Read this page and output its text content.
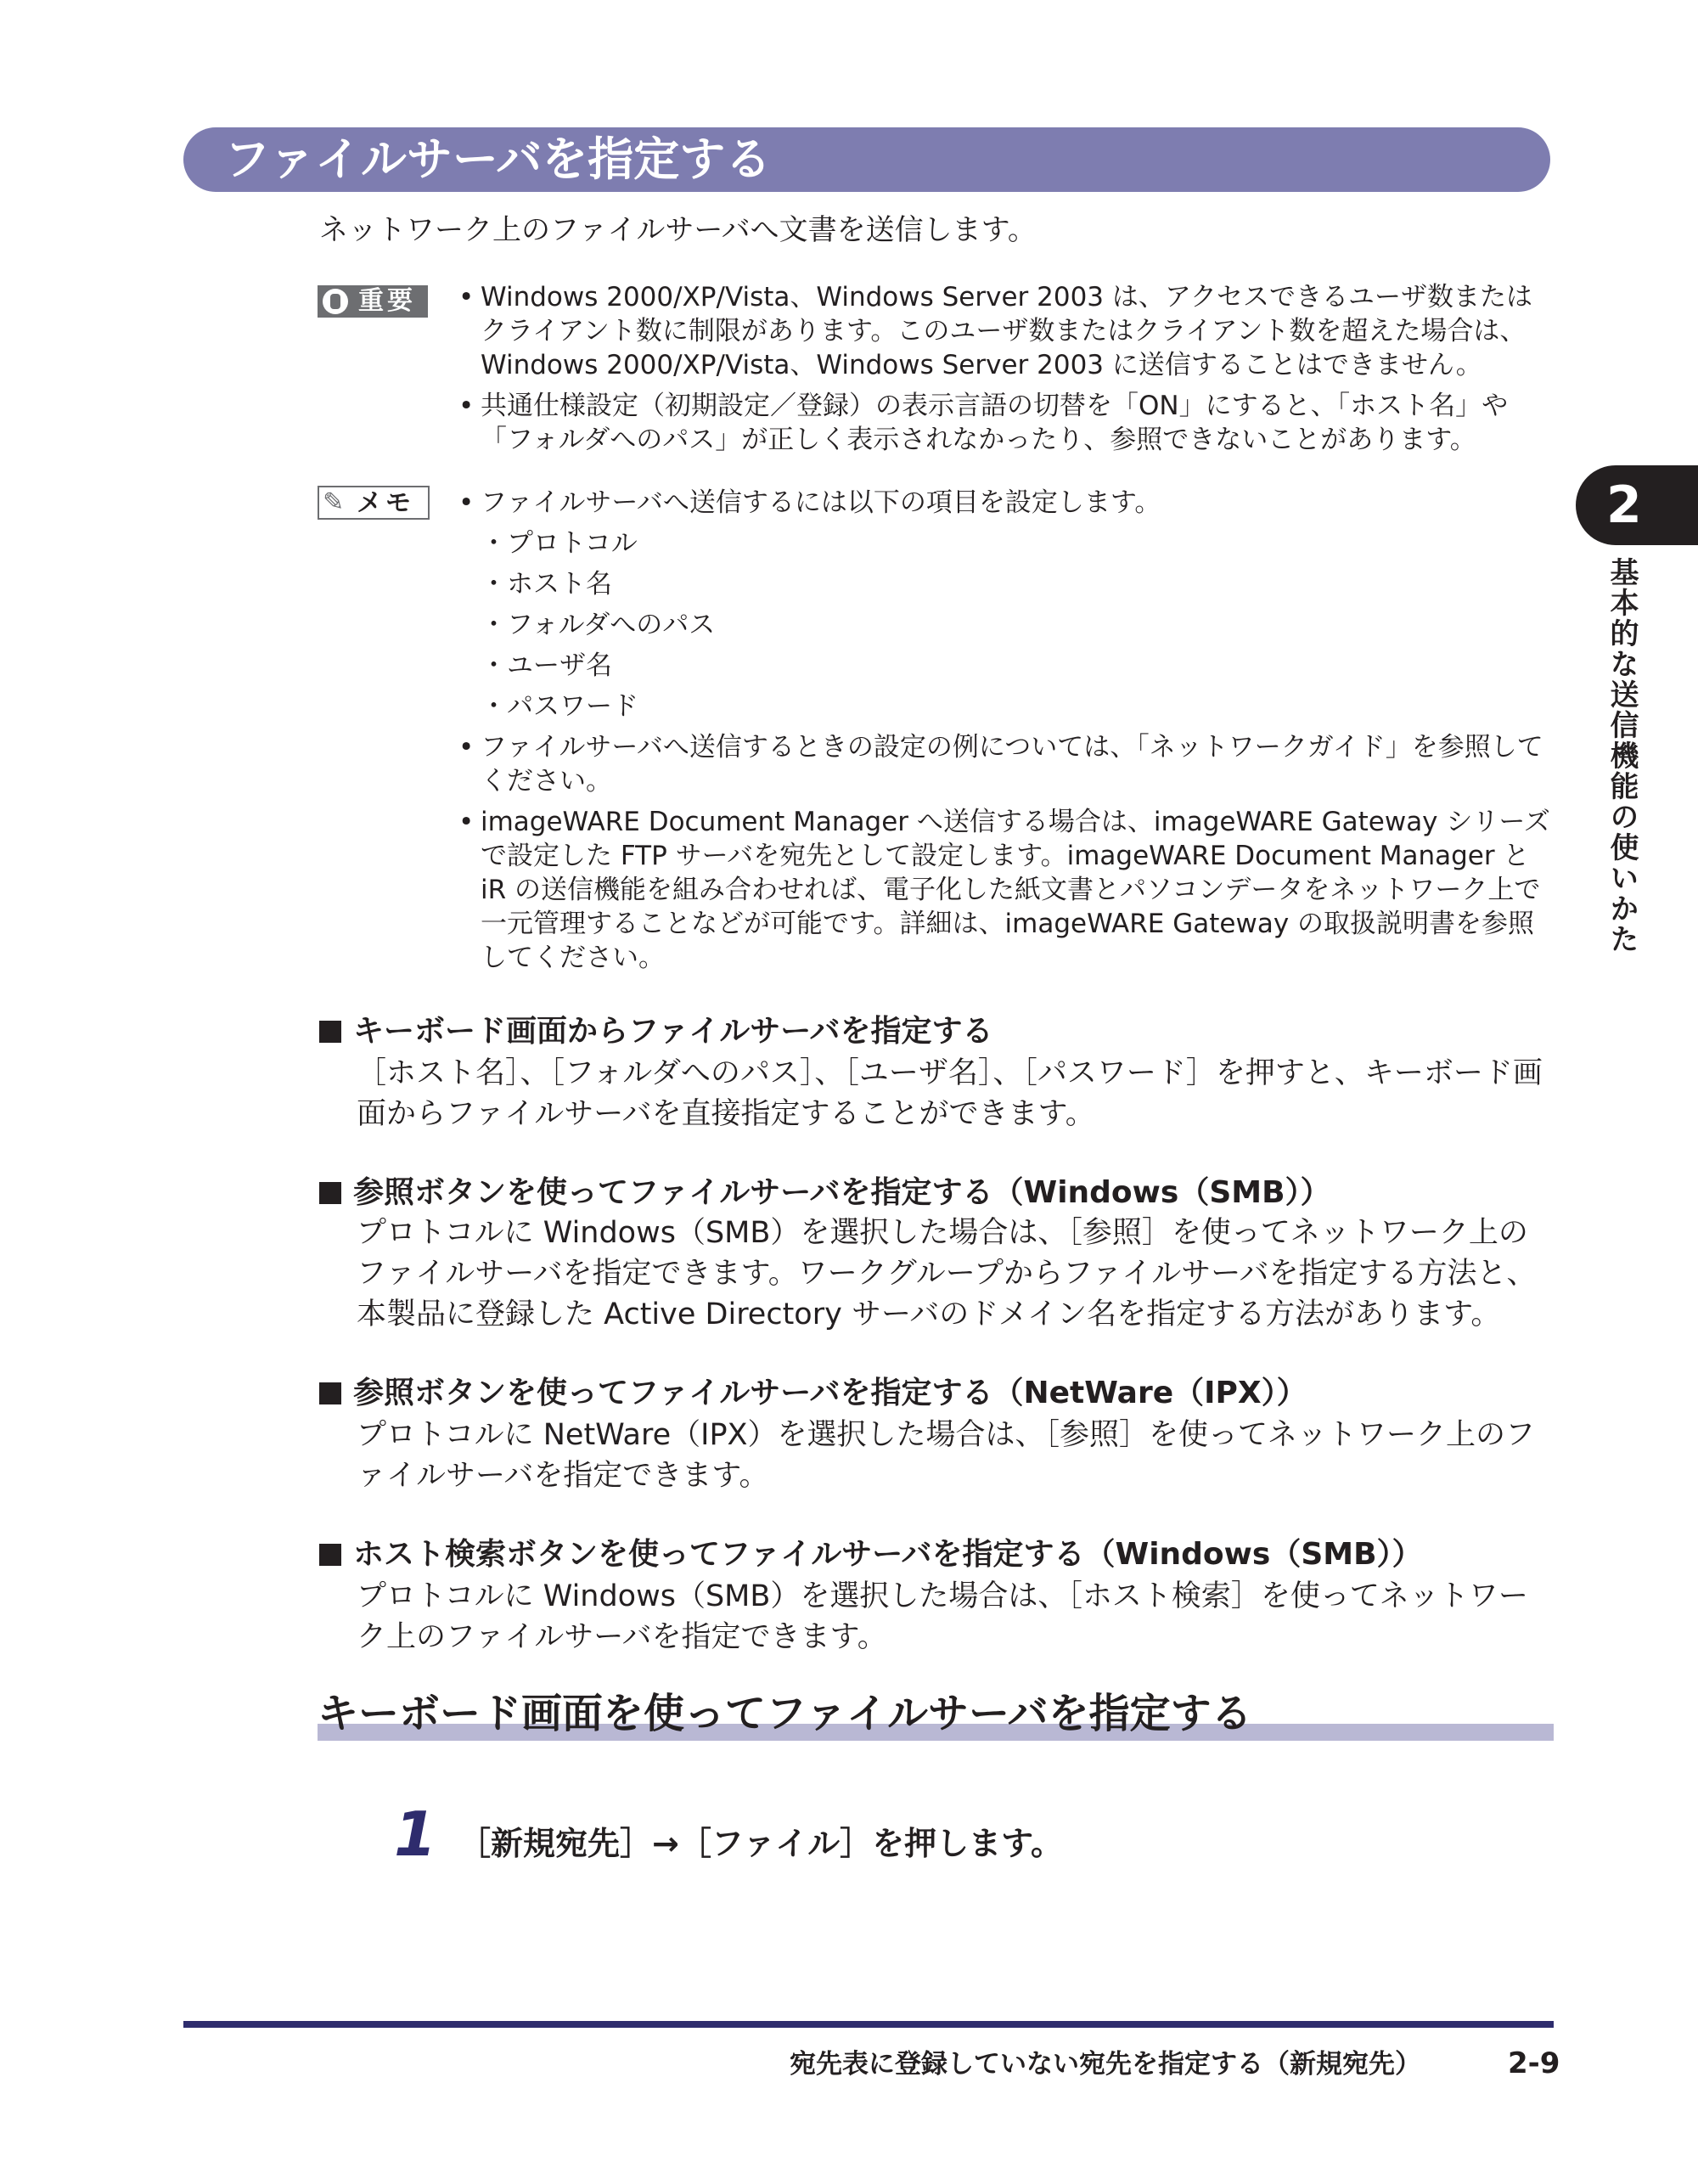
ファイルサーバを指定する
ネットワーク上のファイルサーバへ文書を送信します。
重要	• Windows 2000/XP/Vista、Windows Server 2003 は、アクセスできるユーザ数またはクライアント数に制限があります。このユーザ数またはクライアント数を超えた場合は、Windows 2000/XP/Vista、Windows Server 2003 に送信することはできません。
• 共通仕様設定（初期設定／登録）の表示言語の切替を「ON」にすると、「ホスト名」や「フォルダへのパス」が正しく表示されなかったり、参照できないことがあります。
✎ メモ	• ファイルサーバへ送信するには以下の項目を設定します。
・プロトコル
・ホスト名
・フォルダへのパス
・ユーザ名
・パスワード
• ファイルサーバへ送信するときの設定の例については、「ネットワークガイド」を参照してください。
• imageWARE Document Manager へ送信する場合は、imageWARE Gateway シリーズで設定した FTP サーバを宛先として設定します。imageWARE Document Manager と iR の送信機能を組み合わせれば、電子化した紙文書とパソコンデータをネットワーク上で一元管理することなどが可能です。詳細は、imageWARE Gateway の取扱説明書を参照してください。
キーボード画面からファイルサーバを指定する
［ホスト名］、［フォルダへのパス］、［ユーザ名］、［パスワード］を押すと、キーボード画面からファイルサーバを直接指定することができます。
参照ボタンを使ってファイルサーバを指定する（Windows（SMB））
プロトコルに Windows（SMB）を選択した場合は、［参照］を使ってネットワーク上のファイルサーバを指定できます。ワークグループからファイルサーバを指定する方法と、本製品に登録した Active Directory サーバのドメイン名を指定する方法があります。
参照ボタンを使ってファイルサーバを指定する（NetWare（IPX））
プロトコルに NetWare（IPX）を選択した場合は、［参照］を使ってネットワーク上のファイルサーバを指定できます。
ホスト検索ボタンを使ってファイルサーバを指定する（Windows（SMB））
プロトコルに Windows（SMB）を選択した場合は、［ホスト検索］を使ってネットワーク上のファイルサーバを指定できます。
キーボード画面を使ってファイルサーバを指定する
1 ［新規宛先］→［ファイル］を押します。
2
基本的な送信機能の使いかた
宛先表に登録していない宛先を指定する（新規宛先）	2-9
